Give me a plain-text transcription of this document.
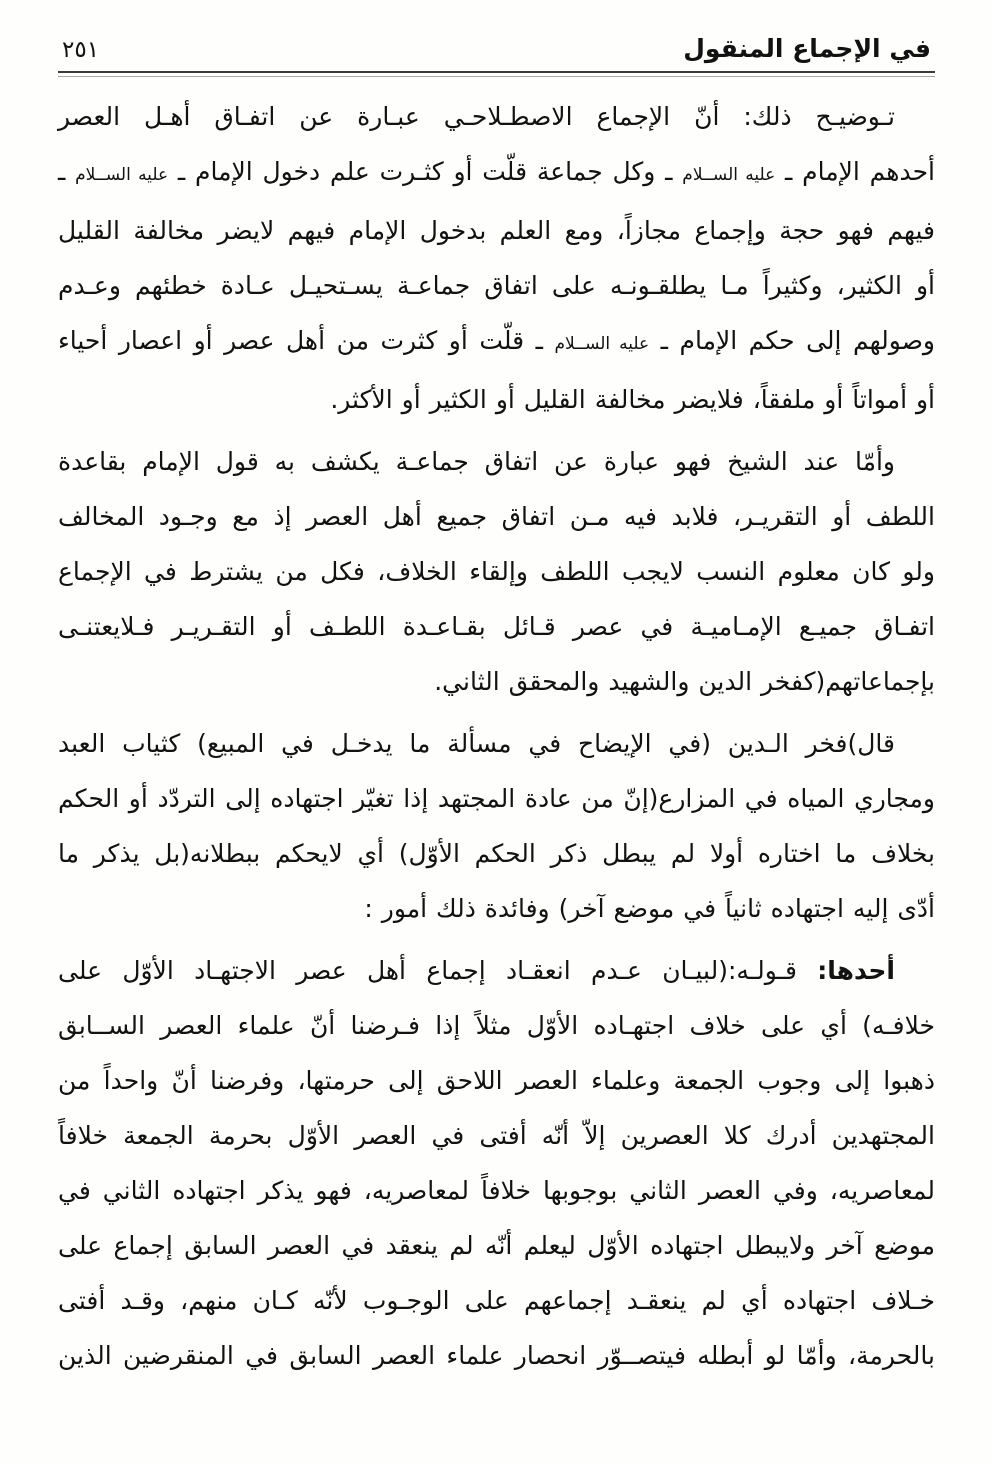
في الإجماع المنقول
٢٥١
تـوضيـح ذلك: أنّ الإجماع الاصطـلاحـي عبـارة عن اتفـاق أهـل العصر
أحدهم الإمام ـ عليه الســلام ـ وكل جماعة قلّت أو كثـرت علم دخول الإمام ـ عليه الســلام ـ
فيهم فهو حجة وإجماع مجازاً، ومع العلم بدخول الإمام فيهم لايضر مخالفة القليل
أو الكثير، وكثيراً مـا يطلقـونـه على اتفاق جماعـة يسـتحيـل عـادة خطئهم وعـدم
وصولهم إلى حكم الإمام ـ عليه الســلام ـ قلّت أو كثرت من أهل عصر أو اعصار أحياء
أو أمواتاً أو ملفقاً، فلايضر مخالفة القليل أو الكثير أو الأكثر.
وأمّا عند الشيخ فهو عبارة عن اتفاق جماعـة يكشف به قول الإمام بقاعدة
اللطف أو التقريـر، فلابد فيه مـن اتفاق جميع أهل العصر إذ مع وجـود المخالف
ولو كان معلوم النسب لايجب اللطف وإلقاء الخلاف، فكل من يشترط في الإجماع
اتفـاق جميـع الإمـاميـة في عصر قـائل بقـاعـدة اللطـف أو التقـريـر فـلايعتنـى
بإجماعاتهم(كفخر الدين والشهيد والمحقق الثاني.
قال)فخر الـدين (في الإيضاح في مسألة ما يدخـل في المبيع) كثياب العبد
ومجاري المياه في المزارع(إنّ من عادة المجتهد إذا تغيّر اجتهاده إلى التردّد أو الحكم
بخلاف ما اختاره أولا لم يبطل ذكر الحكم الأوّل) أي لايحكم ببطلانه(بل يذكر ما
أدّى إليه اجتهاده ثانياً في موضع آخر) وفائدة ذلك أمور :
أحدها: قـولـه:(لبيـان عـدم انعقـاد إجماع أهل عصر الاجتهـاد الأوّل على
خلافـه) أي على خلاف اجتهـاده الأوّل مثلاً إذا فـرضنا أنّ علماء العصر الســابق
ذهبوا إلى وجوب الجمعة وعلماء العصر اللاحق إلى حرمتها، وفرضنا أنّ واحداً من
المجتهدين أدرك كلا العصرين إلاّ أنّه أفتى في العصر الأوّل بحرمة الجمعة خلافاً
لمعاصريه، وفي العصر الثاني بوجوبها خلافاً لمعاصريه، فهو يذكر اجتهاده الثاني في
موضع آخر ولايبطل اجتهاده الأوّل ليعلم أنّه لم ينعقد في العصر السابق إجماع على
خـلاف اجتهاده أي لم ينعقـد إجماعهم على الوجـوب لأنّه كـان منهم، وقـد أفتى
بالحرمة، وأمّا لو أبطله فيتصــوّر انحصار علماء العصر السابق في المنقرضين الذين
